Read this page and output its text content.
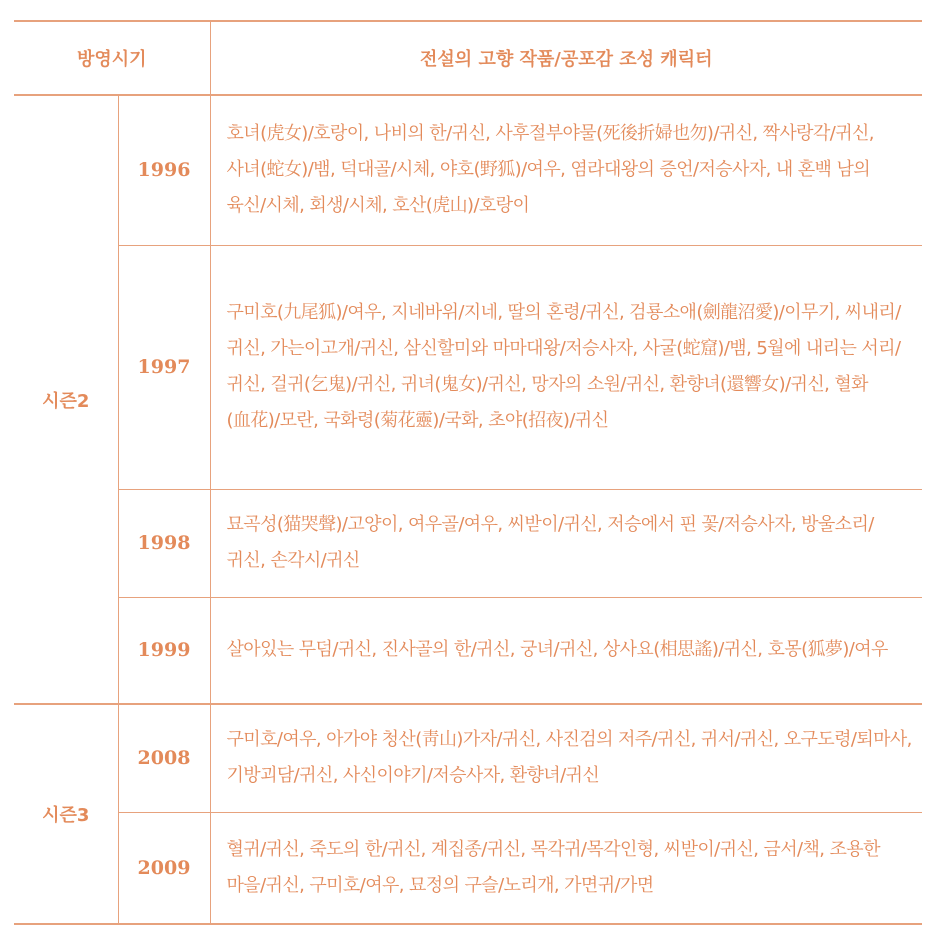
방영시기		전설의 고향 작품/공포감 조성 캐릭터
시즌2	1996	호녀(虎女)/호랑이, 나비의 한/귀신, 사후절부야물(死後折婦也勿)/귀신, 짝사랑각/귀신, 사녀(蛇女)/뱀, 덕대골/시체, 야호(野狐)/여우, 염라대왕의 증언/저승사자, 내 혼백 남의 육신/시체, 회생/시체, 호산(虎山)/호랑이
	1997	구미호(九尾狐)/여우, 지네바위/지네, 딸의 혼령/귀신, 검룡소애(劍龍沼愛)/이무기, 씨내리/귀신, 가는이고개/귀신, 삼신할미와 마마대왕/저승사자, 사굴(蛇窟)/뱀, 5월에 내리는 서리/귀신, 걸귀(乞鬼)/귀신, 귀녀(鬼女)/귀신, 망자의 소원/귀신, 환향녀(還響女)/귀신, 혈화(血花)/모란, 국화령(菊花靈)/국화, 초야(招夜)/귀신
	1998	묘곡성(猫哭聲)/고양이, 여우골/여우, 씨받이/귀신, 저승에서 핀 꽃/저승사자, 방울소리/귀신, 손각시/귀신
	1999	살아있는 무덤/귀신, 진사골의 한/귀신, 궁녀/귀신, 상사요(相思謠)/귀신, 호몽(狐夢)/여우
시즌3	2008	구미호/여우, 아가야 청산(靑山)가자/귀신, 사진검의 저주/귀신, 귀서/귀신, 오구도령/퇴마사, 기방괴담/귀신, 사신이야기/저승사자, 환향녀/귀신
	2009	혈귀/귀신, 죽도의 한/귀신, 계집종/귀신, 목각귀/목각인형, 씨받이/귀신, 금서/책, 조용한 마을/귀신, 구미호/여우, 묘정의 구슬/노리개, 가면귀/가면
